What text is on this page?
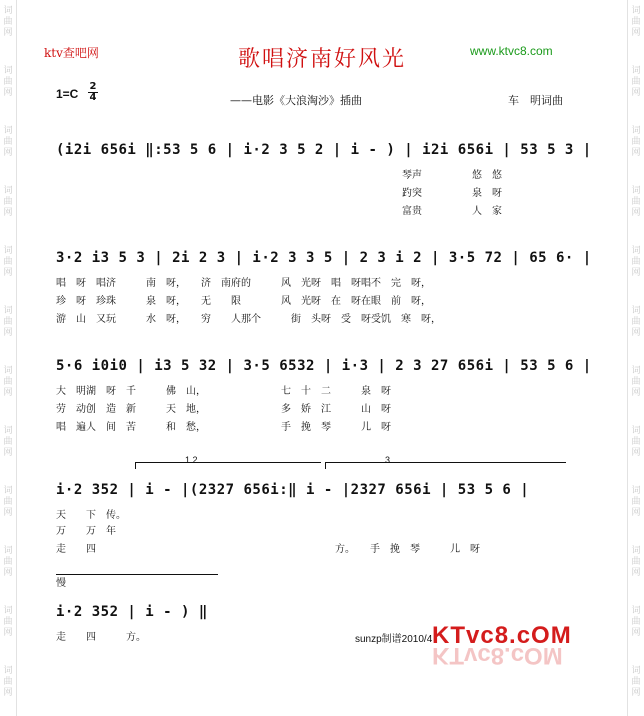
词曲网
词曲网
词曲网
词曲网
词曲网
词曲网
词曲网
词曲网
词曲网
词曲网
词曲网
词曲网
词曲网
词曲网
词曲网
词曲网
词曲网
词曲网
词曲网
词曲网
词曲网
词曲网
词曲网
词曲网
ktv查吧网	歌唱济南好风光	www.ktvc8.com
$1=C \frac{2}{4}$	——电影《大浪淘沙》插曲	车　明词曲
(i2i 656i ‖:53 5 6 | i·2 3 5 2 | i - ) | i2i 656i | 53 5 3 |
琴声　　　　　悠　悠
趵突　　　　　泉　呀
富贵　　　　　人　家
3·2 i3 5 3 | 2i 2 3 | i·2 3 3 5 | 2 3 i 2 | 3·5 72 | 65 6· |
唱　呀　唱济　　　南　呀，　　济　南府的　　　风　光呀　唱　呀唱不　完　呀，
珍　呀　珍珠　　　泉　呀，　　无　　限　　　　风　光呀　在　呀在眼　前　呀，
游　山　又玩　　　水　呀，　　穷　　人那个　　　街　头呀　受　呀受饥　寒　呀，
5·6 i0i0 | i3 5 32 | 3·5 6532 | i·3 | 2 3 27 656i | 53 5 6 |
大　明湖　呀　千　　　佛　山，　　　　　　　　七　十　二　　　泉　呀
劳　动创　造　新　　　天　地，　　　　　　　　多　娇　江　　　山　呀
唱　遍人　间　苦　　　和　愁，　　　　　　　　手　挽　琴　　　儿　呀
1 2	3
i·2 352 | i - |(2327 656i:‖ i - |2327 656i | 53 5 6 |
天　　下　传。
万　　万　年
走　　四	方。　　手　挽　琴　　　儿　呀
慢
i·2 352 | i - ) ‖
走　　四　　　方。	sunzp制谱2010/4 KTvc8.cOM
KTvc8.cOM
